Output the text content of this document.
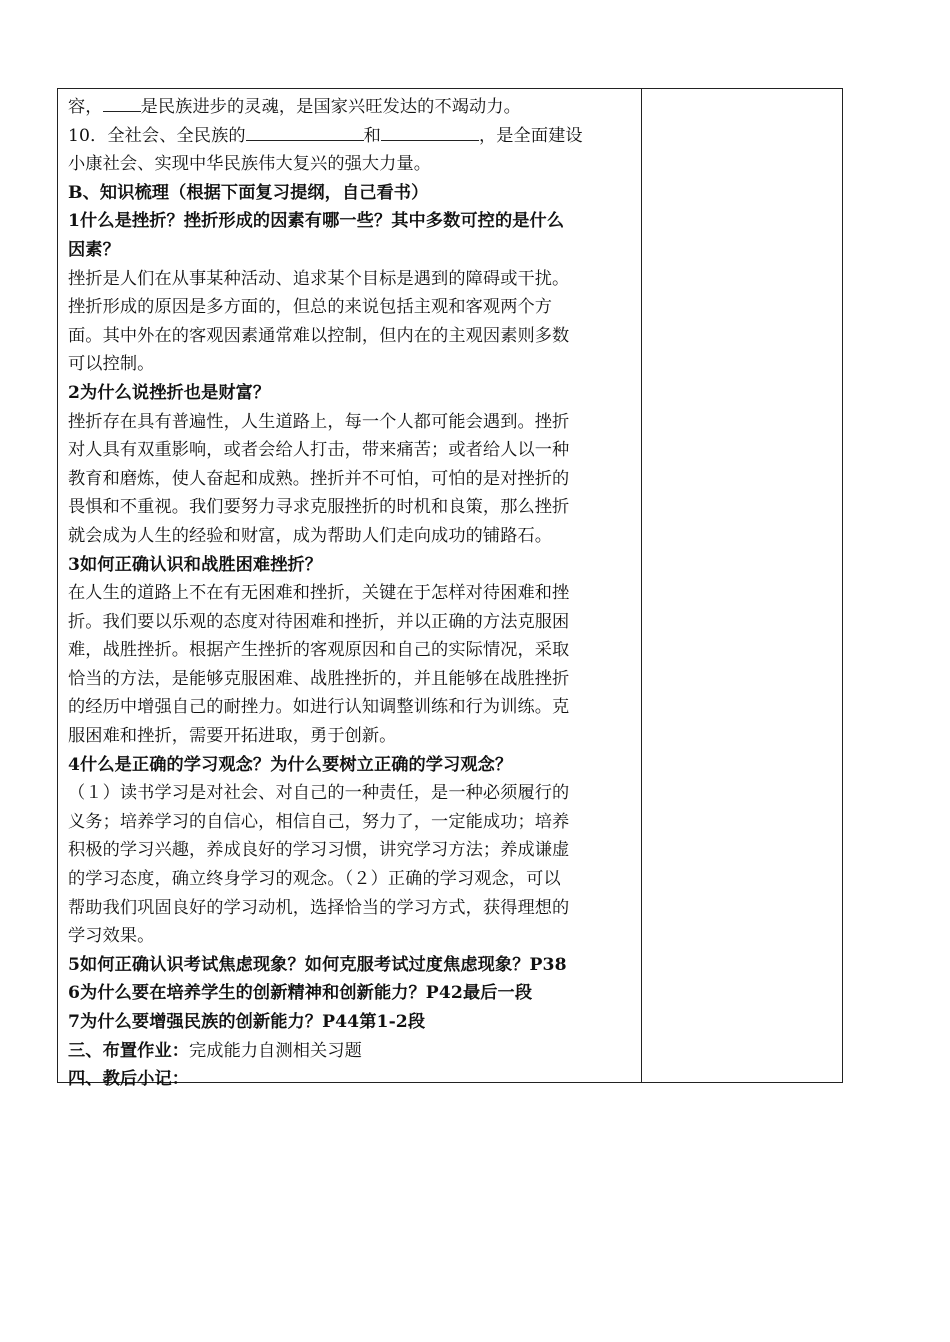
容， 是民族进步的灵魂，是国家兴旺发达的不竭动力。
10．全社会、全民族的	和	，是全面建设
小康社会、实现中华民族伟大复兴的强大力量。
B、知识梳理（根据下面复习提纲，自己看书）
1什么是挫折？挫折形成的因素有哪一些？其中多数可控的是什么
因素？
挫折是人们在从事某种活动、追求某个目标是遇到的障碍或干扰。
挫折形成的原因是多方面的，但总的来说包括主观和客观两个方
面。其中外在的客观因素通常难以控制，但内在的主观因素则多数
可以控制。
2为什么说挫折也是财富？
挫折存在具有普遍性，人生道路上，每一个人都可能会遇到。挫折
对人具有双重影响，或者会给人打击，带来痛苦；或者给人以一种
教育和磨炼，使人奋起和成熟。挫折并不可怕，可怕的是对挫折的
畏惧和不重视。我们要努力寻求克服挫折的时机和良策，那么挫折
就会成为人生的经验和财富，成为帮助人们走向成功的铺路石。
3如何正确认识和战胜困难挫折？
在人生的道路上不在有无困难和挫折，关键在于怎样对待困难和挫
折。我们要以乐观的态度对待困难和挫折，并以正确的方法克服困
难，战胜挫折。根据产生挫折的客观原因和自己的实际情况，采取
恰当的方法，是能够克服困难、战胜挫折的，并且能够在战胜挫折
的经历中增强自己的耐挫力。如进行认知调整训练和行为训练。克
服困难和挫折，需要开拓进取，勇于创新。
4什么是正确的学习观念？为什么要树立正确的学习观念？
（１）读书学习是对社会、对自己的一种责任，是一种必须履行的
义务；培养学习的自信心，相信自己，努力了，一定能成功；培养
积极的学习兴趣，养成良好的学习习惯，讲究学习方法；养成谦虚
的学习态度，确立终身学习的观念。（２）正确的学习观念，可以
帮助我们巩固良好的学习动机，选择恰当的学习方式，获得理想的
学习效果。
5如何正确认识考试焦虑现象？如何克服考试过度焦虑现象？P38
6为什么要在培养学生的创新精神和创新能力？P42最后一段
7为什么要增强民族的创新能力？P44第1-2段
三、布置作业：完成能力自测相关习题
四、教后小记：
